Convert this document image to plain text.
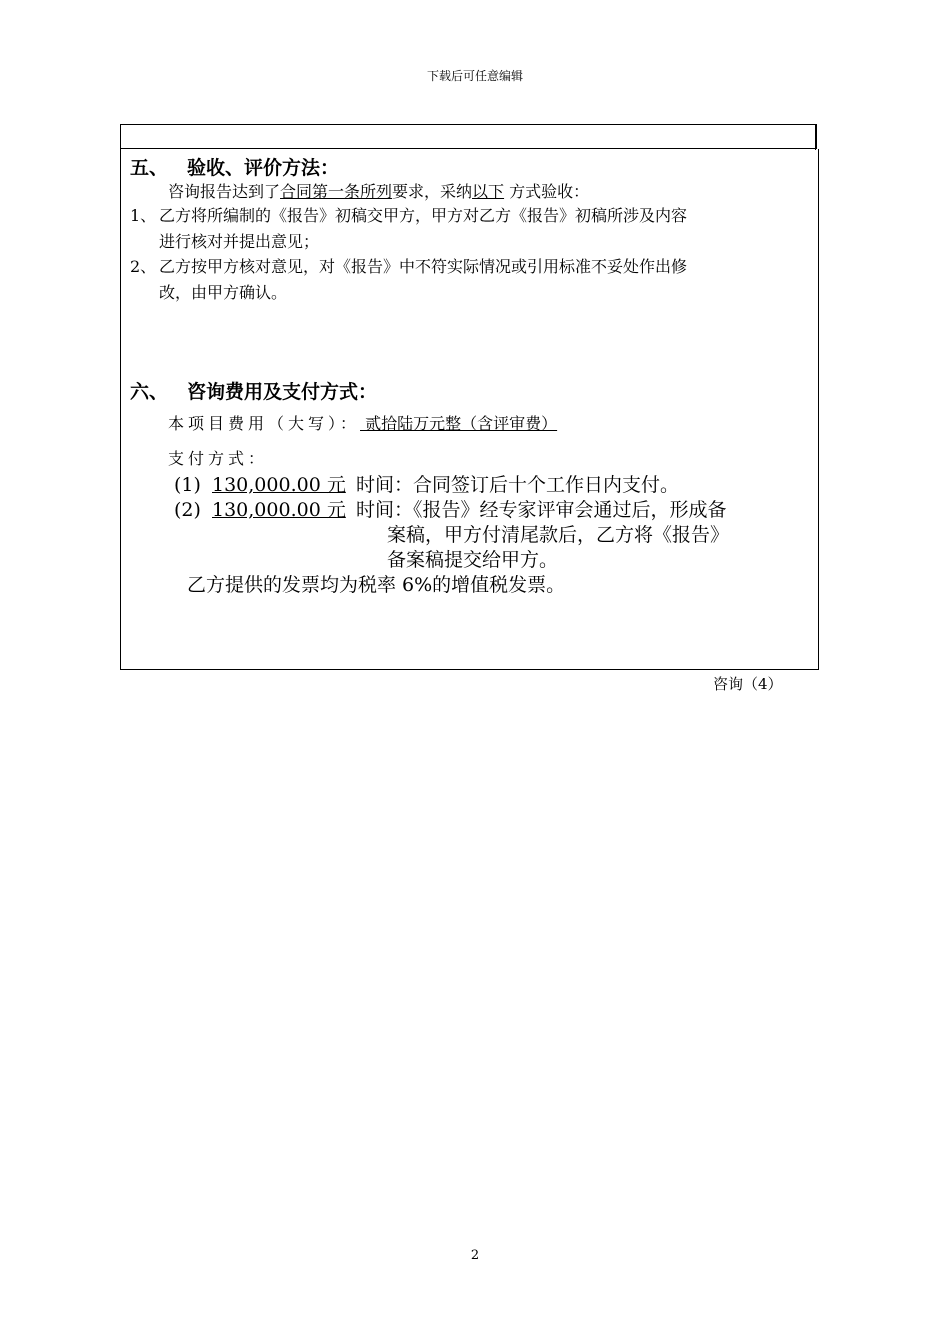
下载后可任意编辑
五、 验收、评价方法：
咨询报告达到了合同第一条所列要求，采纳以下 方式验收：
1、 乙方将所编制的《报告》初稿交甲方，甲方对乙方《报告》初稿所涉及内容
进行核对并提出意见；
2、 乙方按甲方核对意见，对《报告》中不符实际情况或引用标准不妥处作出修
改，由甲方确认。
六、 咨询费用及支付方式：
本项目费用（大写）： 贰拾陆万元整（含评审费）
支付方式：
(1)130,000.00 元时间：合同签订后十个工作日内支付。
(2)130,000.00 元时间：《报告》经专家评审会通过后，形成备
案稿，甲方付清尾款后，乙方将《报告》
备案稿提交给甲方。
乙方提供的发票均为税率 6%的增值税发票。
咨询（4）
2
